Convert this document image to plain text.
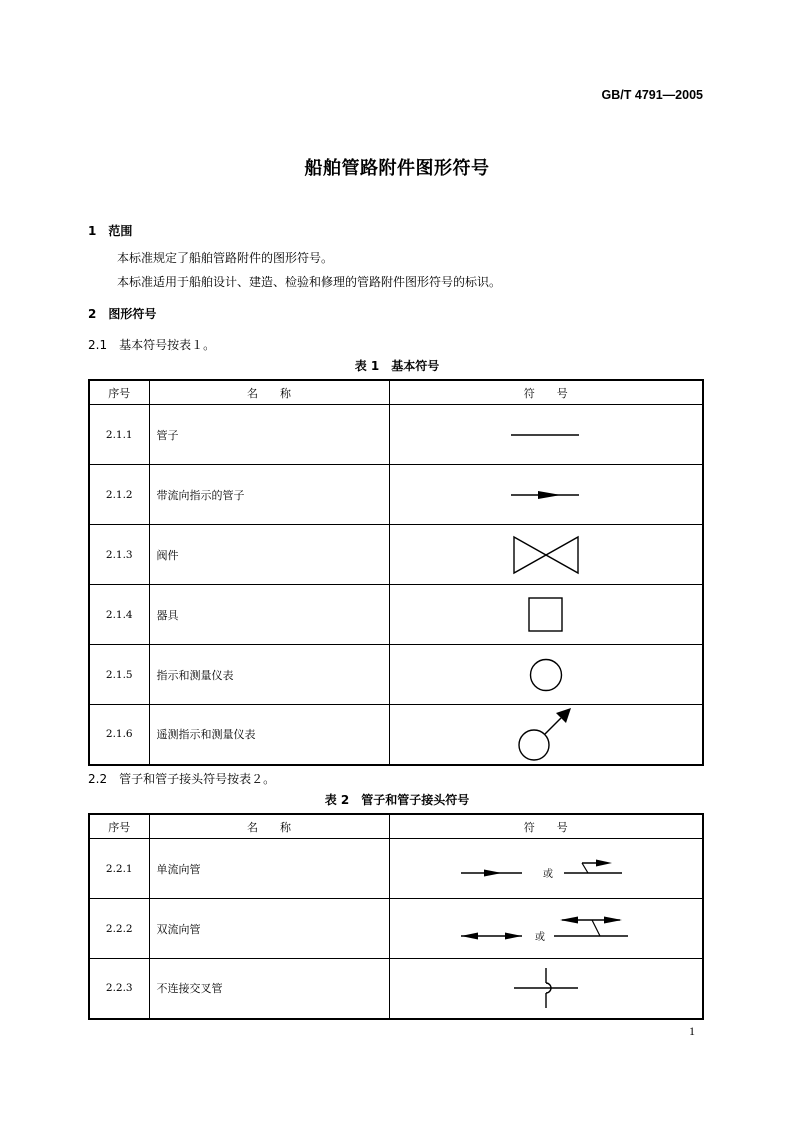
GB/T 4791—2005
船舶管路附件图形符号
1　范围
本标准规定了船舶管路附件的图形符号。
本标准适用于船舶设计、建造、检验和修理的管路附件图形符号的标识。
2　图形符号
2.1　基本符号按表１。
表 1　基本符号
序号	名　　称	符　　号
2.1.1	管子	

2.1.2	带流向指示的管子	

2.1.3	阀件	

2.1.4	器具	

2.1.5	指示和测量仪表	

2.1.6	遥测指示和测量仪表	
2.2　管子和管子接头符号按表２。
表 2　管子和管子接头符号
序号	名　　称	符　　号
2.2.1	单流向管	或

2.2.2	双流向管	或

2.2.3	不连接交叉管	
1
